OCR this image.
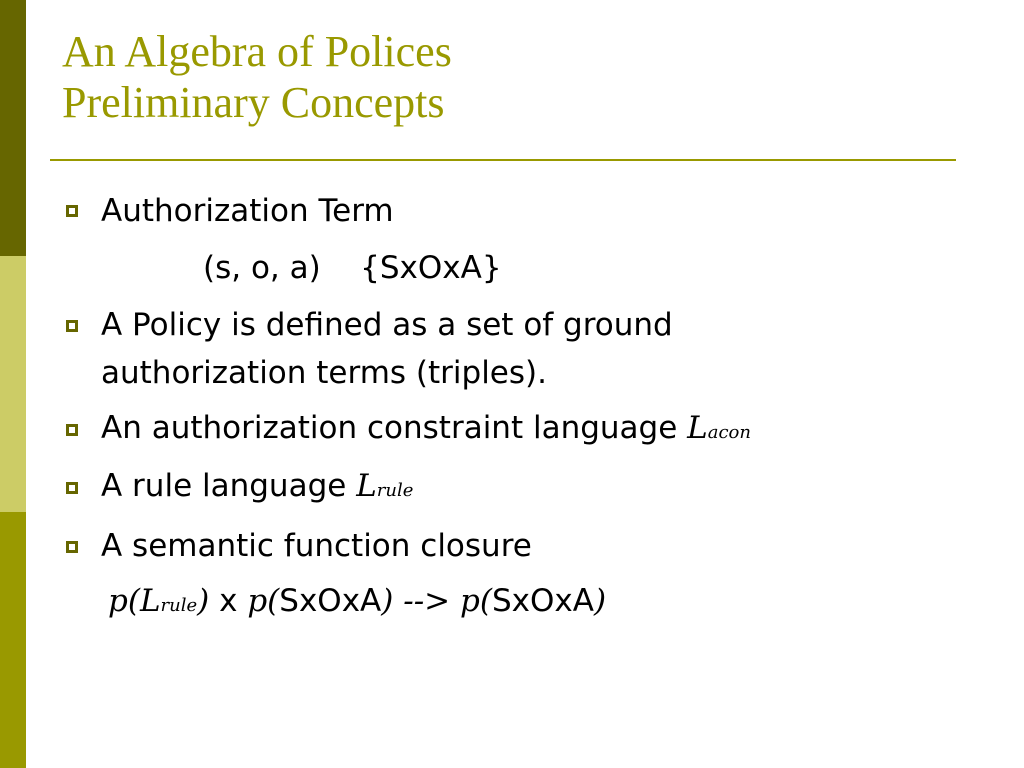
An Algebra of Polices
Preliminary Concepts
Authorization Term
(s, o, a)    {SxOxA}
A Policy is defined as a set of ground
authorization terms (triples).
An authorization constraint language Lacon
A rule language Lrule
A semantic function closure
p(Lrule) x p(SxOxA) --> p(SxOxA)
